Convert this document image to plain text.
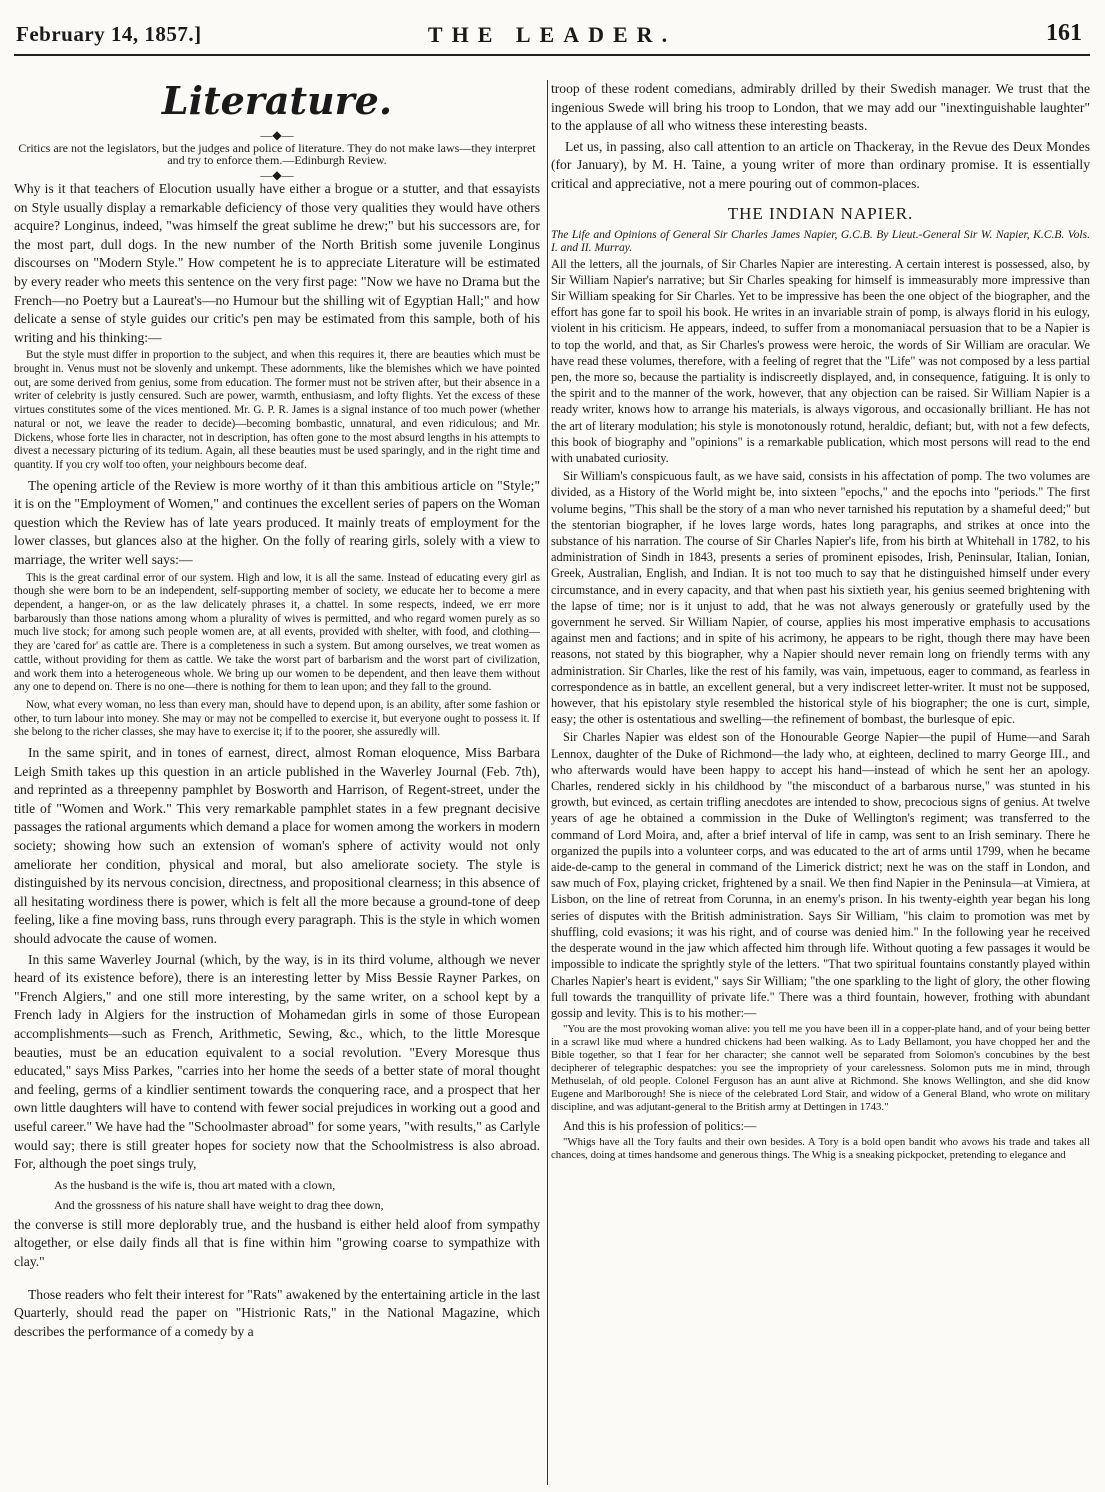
February 14, 1857.]	THE LEADER.	161
Literature.
—◆—

Critics are not the legislators, but the judges and police of literature. They do not make laws—they interpret and try to enforce them.—Edinburgh Review.

—◆—

Why is it that teachers of Elocution usually have either a brogue or a stutter, and that essayists on Style usually display a remarkable deficiency of those very qualities they would have others acquire? Longinus, indeed, "was himself the great sublime he drew;" but his successors are, for the most part, dull dogs. In the new number of the North British some juvenile Longinus discourses on "Modern Style." How competent he is to appreciate Literature will be estimated by every reader who meets this sentence on the very first page: "Now we have no Drama but the French—no Poetry but a Laureat's—no Humour but the shilling wit of Egyptian Hall;" and how delicate a sense of style guides our critic's pen may be estimated from this sample, both of his writing and his thinking:—

But the style must differ in proportion to the subject, and when this requires it, there are beauties which must be brought in. Venus must not be slovenly and unkempt. These adornments, like the blemishes which we have pointed out, are some derived from genius, some from education. The former must not be striven after, but their absence in a writer of celebrity is justly censured. Such are power, warmth, enthusiasm, and lofty flights. Yet the excess of these virtues constitutes some of the vices mentioned. Mr. G. P. R. James is a signal instance of too much power (whether natural or not, we leave the reader to decide)—becoming bombastic, unnatural, and even ridiculous; and Mr. Dickens, whose forte lies in character, not in description, has often gone to the most absurd lengths in his attempts to divest a necessary picturing of its tedium. Again, all these beauties must be used sparingly, and in the right time and quantity. If you cry wolf too often, your neighbours become deaf.

The opening article of the Review is more worthy of it than this ambitious article on "Style;" it is on the "Employment of Women," and continues the excellent series of papers on the Woman question which the Review has of late years produced. It mainly treats of employment for the lower classes, but glances also at the higher. On the folly of rearing girls, solely with a view to marriage, the writer well says:—

This is the great cardinal error of our system. High and low, it is all the same. Instead of educating every girl as though she were born to be an independent, self-supporting member of society, we educate her to become a mere dependent, a hanger-on, or as the law delicately phrases it, a chattel. In some respects, indeed, we err more barbarously than those nations among whom a plurality of wives is permitted, and who regard women purely as so much live stock; for among such people women are, at all events, provided with shelter, with food, and clothing—they are 'cared for' as cattle are. There is a completeness in such a system. But among ourselves, we treat women as cattle, without providing for them as cattle. We take the worst part of barbarism and the worst part of civilization, and work them into a heterogeneous whole. We bring up our women to be dependent, and then leave them without any one to depend on. There is no one—there is nothing for them to lean upon; and they fall to the ground.

Now, what every woman, no less than every man, should have to depend upon, is an ability, after some fashion or other, to turn labour into money. She may or may not be compelled to exercise it, but everyone ought to possess it. If she belong to the richer classes, she may have to exercise it; if to the poorer, she assuredly will.

In the same spirit, and in tones of earnest, direct, almost Roman eloquence, Miss Barbara Leigh Smith takes up this question in an article published in the Waverley Journal (Feb. 7th), and reprinted as a threepenny pamphlet by Bosworth and Harrison, of Regent-street, under the title of "Women and Work." This very remarkable pamphlet states in a few pregnant decisive passages the rational arguments which demand a place for women among the workers in modern society; showing how such an extension of woman's sphere of activity would not only ameliorate her condition, physical and moral, but also ameliorate society. The style is distinguished by its nervous concision, directness, and propositional clearness; in this absence of all hesitating wordiness there is power, which is felt all the more because a ground-tone of deep feeling, like a fine moving bass, runs through every paragraph. This is the style in which women should advocate the cause of women.

In this same Waverley Journal (which, by the way, is in its third volume, although we never heard of its existence before), there is an interesting letter by Miss Bessie Rayner Parkes, on "French Algiers," and one still more interesting, by the same writer, on a school kept by a French lady in Algiers for the instruction of Mohamedan girls in some of those European accomplishments—such as French, Arithmetic, Sewing, &c., which, to the little Moresque beauties, must be an education equivalent to a social revolution. "Every Moresque thus educated," says Miss Parkes, "carries into her home the seeds of a better state of moral thought and feeling, germs of a kindlier sentiment towards the conquering race, and a prospect that her own little daughters will have to contend with fewer social prejudices in working out a good and useful career." We have had the "Schoolmaster abroad" for some years, "with results," as Carlyle would say; there is still greater hopes for society now that the Schoolmistress is also abroad. For, although the poet sings truly,

As the husband is the wife is, thou art mated with a clown,

And the grossness of his nature shall have weight to drag thee down,

the converse is still more deplorably true, and the husband is either held aloof from sympathy altogether, or else daily finds all that is fine within him "growing coarse to sympathize with clay."

Those readers who felt their interest for "Rats" awakened by the entertaining article in the last Quarterly, should read the paper on "Histrionic Rats," in the National Magazine, which describes the performance of a comedy by a

troop of these rodent comedians, admirably drilled by their Swedish manager. We trust that the ingenious Swede will bring his troop to London, that we may add our "inextinguishable laughter" to the applause of all who witness these interesting beasts.

Let us, in passing, also call attention to an article on Thackeray, in the Revue des Deux Mondes (for January), by M. H. Taine, a young writer of more than ordinary promise. It is essentially critical and appreciative, not a mere pouring out of common-places.

THE INDIAN NAPIER.

The Life and Opinions of General Sir Charles James Napier, G.C.B. By Lieut.-General Sir W. Napier, K.C.B. Vols. I. and II. Murray.

All the letters, all the journals, of Sir Charles Napier are interesting. A certain interest is possessed, also, by Sir William Napier's narrative; but Sir Charles speaking for himself is immeasurably more impressive than Sir William speaking for Sir Charles. Yet to be impressive has been the one object of the biographer, and the effort has gone far to spoil his book. He writes in an invariable strain of pomp, is always florid in his eulogy, violent in his criticism. He appears, indeed, to suffer from a monomaniacal persuasion that to be a Napier is to top the world, and that, as Sir Charles's prowess were heroic, the words of Sir William are oracular. We have read these volumes, therefore, with a feeling of regret that the "Life" was not composed by a less partial pen, the more so, because the partiality is indiscreetly displayed, and, in consequence, fatiguing. It is only to the spirit and to the manner of the work, however, that any objection can be raised. Sir William Napier is a ready writer, knows how to arrange his materials, is always vigorous, and occasionally brilliant. He has not the art of literary modulation; his style is monotonously rotund, heraldic, defiant; but, with not a few defects, this book of biography and "opinions" is a remarkable publication, which most persons will read to the end with unabated curiosity.

Sir William's conspicuous fault, as we have said, consists in his affectation of pomp. The two volumes are divided, as a History of the World might be, into sixteen "epochs," and the epochs into "periods." The first volume begins, "This shall be the story of a man who never tarnished his reputation by a shameful deed;" but the stentorian biographer, if he loves large words, hates long paragraphs, and strikes at once into the substance of his narration. The course of Sir Charles Napier's life, from his birth at Whitehall in 1782, to his administration of Sindh in 1843, presents a series of prominent episodes, Irish, Peninsular, Italian, Ionian, Greek, Australian, English, and Indian. It is not too much to say that he distinguished himself under every circumstance, and in every capacity, and that when past his sixtieth year, his genius seemed brightening with the lapse of time; nor is it unjust to add, that he was not always generously or gratefully used by the government he served. Sir William Napier, of course, applies his most imperative emphasis to accusations against men and factions; and in spite of his acrimony, he appears to be right, though there may have been reasons, not stated by this biographer, why a Napier should never remain long on friendly terms with any administration. Sir Charles, like the rest of his family, was vain, impetuous, eager to command, as fearless in correspondence as in battle, an excellent general, but a very indiscreet letter-writer. It must not be supposed, however, that his epistolary style resembled the historical style of his biographer; the one is curt, simple, easy; the other is ostentatious and swelling—the refinement of bombast, the burlesque of epic.

Sir Charles Napier was eldest son of the Honourable George Napier—the pupil of Hume—and Sarah Lennox, daughter of the Duke of Richmond—the lady who, at eighteen, declined to marry George III., and who afterwards would have been happy to accept his hand—instead of which he sent her an apology. Charles, rendered sickly in his childhood by "the misconduct of a barbarous nurse," was stunted in his growth, but evinced, as certain trifling anecdotes are intended to show, precocious signs of genius. At twelve years of age he obtained a commission in the Duke of Wellington's regiment; was transferred to the command of Lord Moira, and, after a brief interval of life in camp, was sent to an Irish seminary. There he organized the pupils into a volunteer corps, and was educated to the art of arms until 1799, when he became aide-de-camp to the general in command of the Limerick district; next he was on the staff in London, and saw much of Fox, playing cricket, frightened by a snail. We then find Napier in the Peninsula—at Vimiera, at Lisbon, on the line of retreat from Corunna, in an enemy's prison. In his twenty-eighth year began his long series of disputes with the British administration. Says Sir William, "his claim to promotion was met by shuffling, cold evasions; it was his right, and of course was denied him." In the following year he received the desperate wound in the jaw which affected him through life. Without quoting a few passages it would be impossible to indicate the sprightly style of the letters. "That two spiritual fountains constantly played within Charles Napier's heart is evident," says Sir William; "the one sparkling to the light of glory, the other flowing full towards the tranquillity of private life." There was a third fountain, however, frothing with abundant gossip and levity. This is to his mother:—

"You are the most provoking woman alive: you tell me you have been ill in a copper-plate hand, and of your being better in a scrawl like mud where a hundred chickens had been walking. As to Lady Bellamont, you have chopped her and the Bible together, so that I fear for her character; she cannot well be separated from Solomon's concubines by the best decipherer of telegraphic despatches: you see the impropriety of your carelessness. Solomon puts me in mind, through Methuselah, of old people. Colonel Ferguson has an aunt alive at Richmond. She knows Wellington, and she did know Eugene and Marlborough! She is niece of the celebrated Lord Stair, and widow of a General Bland, who wrote on military discipline, and was adjutant-general to the British army at Dettingen in 1743."

And this is his profession of politics:—

"Whigs have all the Tory faults and their own besides. A Tory is a bold open bandit who avows his trade and takes all chances, doing at times handsome and generous things. The Whig is a sneaking pickpocket, pretending to elegance and
